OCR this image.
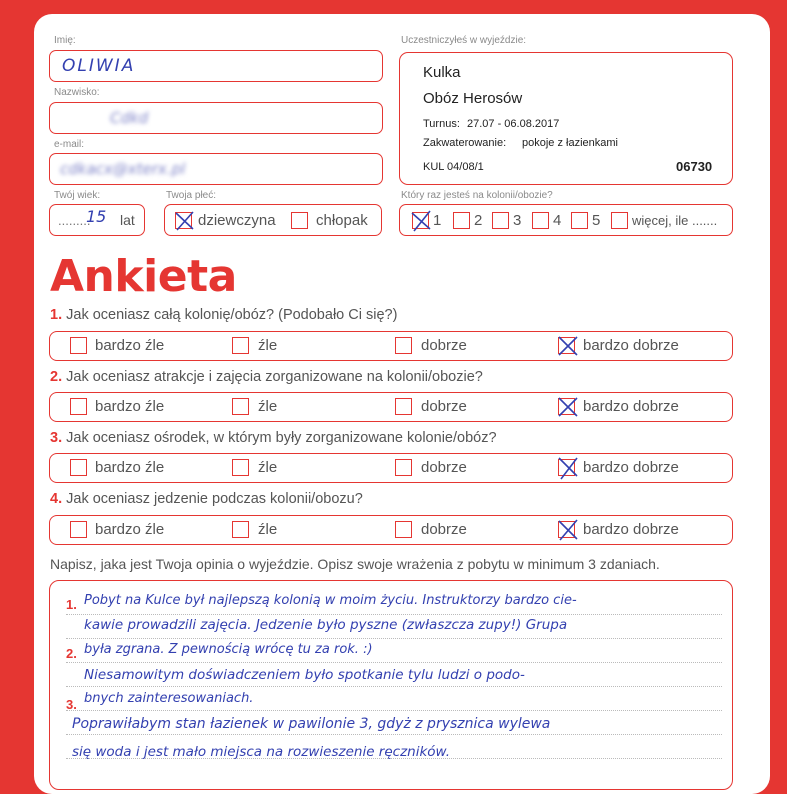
Imię:
OLIWIA
Nazwisko:
Cdkd
e-mail:
cdkacx@xterx.pl
Twój wiek:
.........
15 lat
Twoja płeć:
dziewczyna	chłopak
Uczestniczyłeś w wyjeździe:
Kulka
Obóz Herosów
Turnus: 27.07 - 06.08.2017
Zakwaterowanie: pokoje z łazienkami
KUL 04/08/1	06730
Który raz jesteś na kolonii/obozie?
1 2 3 4 5 więcej, ile .......
Ankieta
1. Jak oceniasz całą kolonię/obóz? (Podobało Ci się?)
bardzo źle	źle	dobrze	bardzo dobrze
2. Jak oceniasz atrakcje i zajęcia zorganizowane na kolonii/obozie?
bardzo źle	źle	dobrze	bardzo dobrze
3. Jak oceniasz ośrodek, w którym były zorganizowane kolonie/obóz?
bardzo źle	źle	dobrze	bardzo dobrze
4. Jak oceniasz jedzenie podczas kolonii/obozu?
bardzo źle	źle	dobrze	bardzo dobrze
Napisz, jaka jest Twoja opinia o wyjeździe. Opisz swoje wrażenia z pobytu w minimum 3 zdaniach.
1.
2.
3.
Pobyt na Kulce był najlepszą kolonią w moim życiu. Instruktorzy bardzo cie-
kawie prowadzili zajęcia. Jedzenie było pyszne (zwłaszcza zupy!) Grupa
była zgrana. Z pewnością wrócę tu za rok. :)
Niesamowitym doświadczeniem było spotkanie tylu ludzi o podo-
bnych zainteresowaniach.
Poprawiłabym stan łazienek w pawilonie 3, gdyż z prysznica wylewa
się woda i jest mało miejsca na rozwieszenie ręczników.
